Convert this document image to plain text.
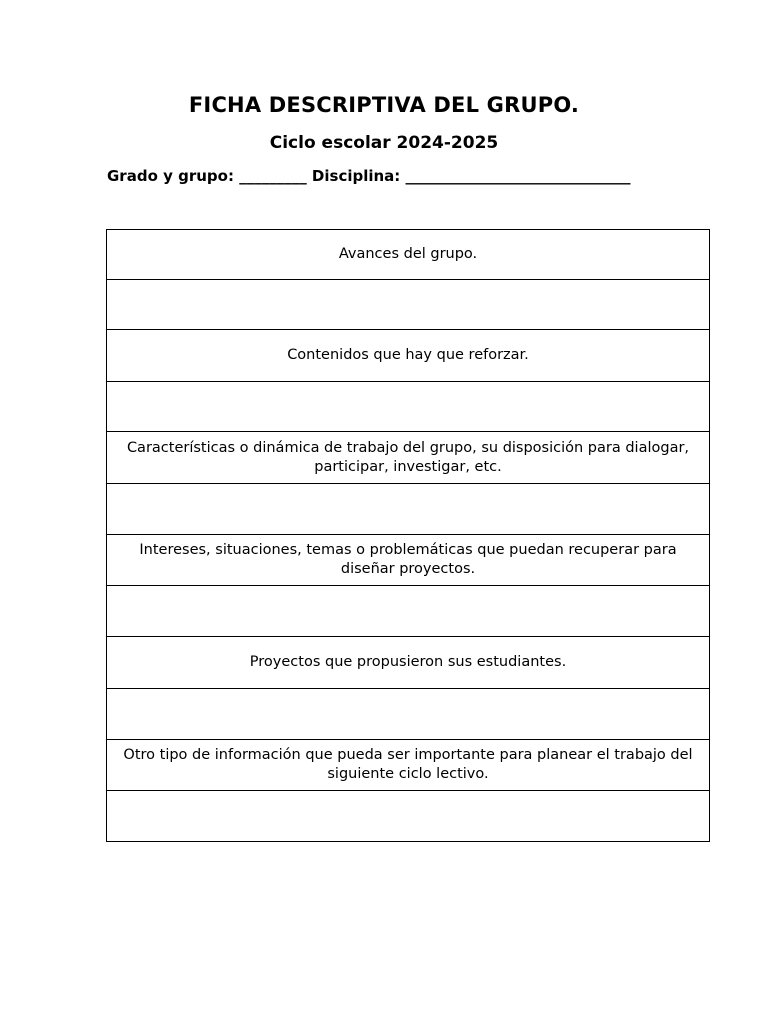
FICHA DESCRIPTIVA DEL GRUPO.
Ciclo escolar 2024-2025
Grado y grupo: _________ Disciplina: ______________________________
Avances del grupo.

Contenidos que hay que reforzar.

Características o dinámica de trabajo del grupo, su disposición para dialogar, participar, investigar, etc.

Intereses, situaciones, temas o problemáticas que puedan recuperar para diseñar proyectos.

Proyectos que propusieron sus estudiantes.

Otro tipo de información que pueda ser importante para planear el trabajo del siguiente ciclo lectivo.
